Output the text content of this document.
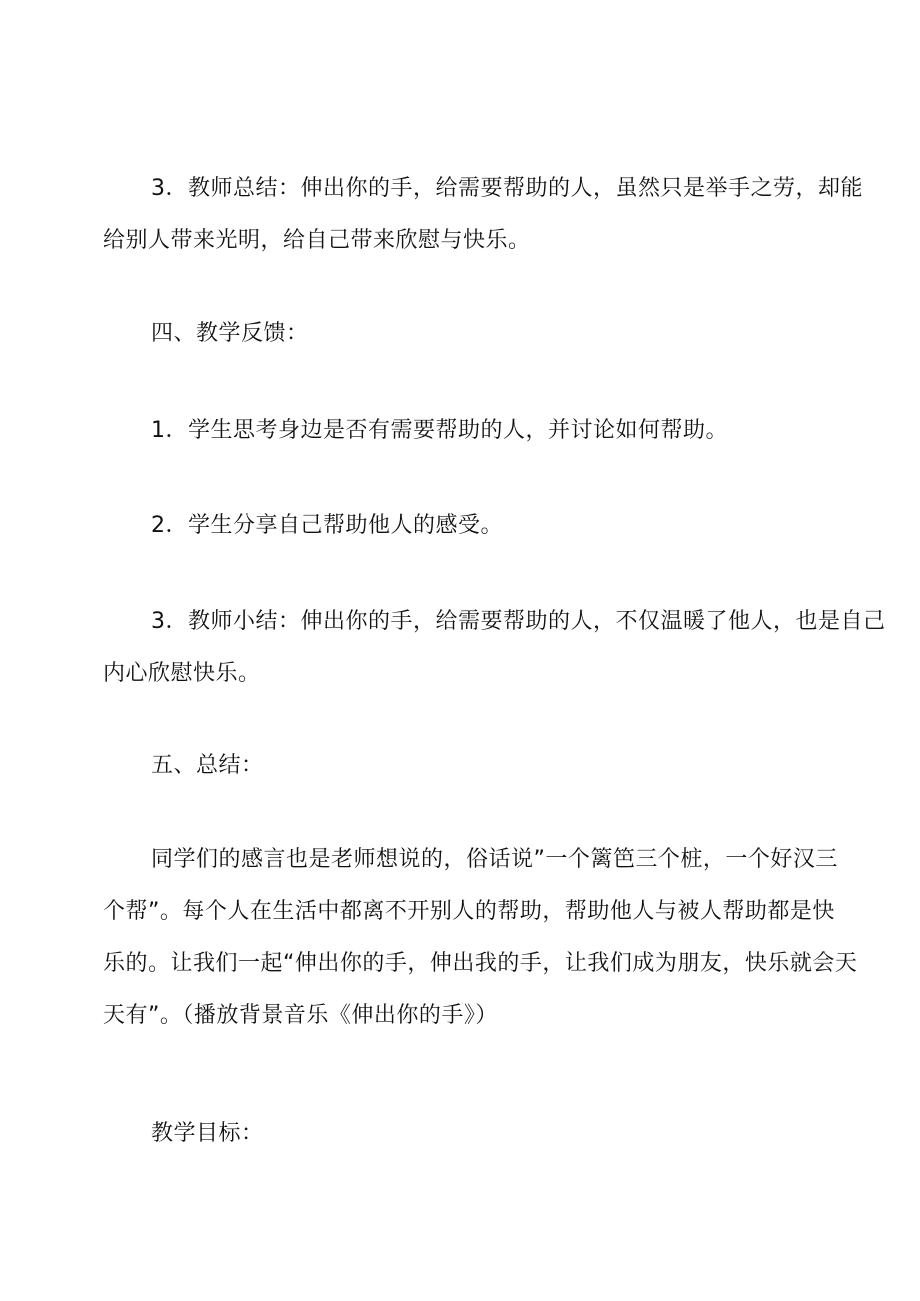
3．教师总结：伸出你的手，给需要帮助的人，虽然只是举手之劳，却能
给别人带来光明，给自己带来欣慰与快乐。
四、教学反馈：
1．学生思考身边是否有需要帮助的人，并讨论如何帮助。
2．学生分享自己帮助他人的感受。
3．教师小结：伸出你的手，给需要帮助的人，不仅温暖了他人，也是自己
内心欣慰快乐。
五、总结：
同学们的感言也是老师想说的，俗话说”一个篱笆三个桩，一个好汉三
个帮”。每个人在生活中都离不开别人的帮助，帮助他人与被人帮助都是快
乐的。让我们一起“伸出你的手，伸出我的手，让我们成为朋友，快乐就会天
天有”。（播放背景音乐《伸出你的手》）
教学目标：
